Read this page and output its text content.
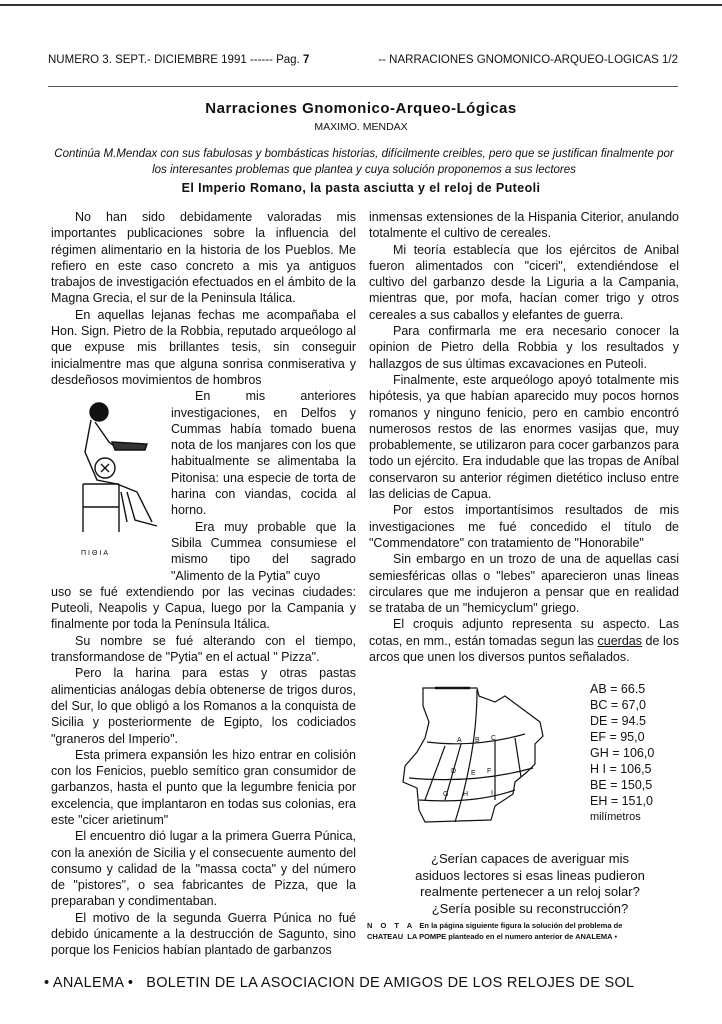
NUMERO 3. SEPT.- DICIEMBRE 1991 ------ Pag. 7	-- NARRACIONES GNOMONICO-ARQUEO-LOGICAS 1/2
Narraciones Gnomonico-Arqueo-Lógicas
MAXIMO. MENDAX
Continúa M.Mendax con sus fabulosas y bombásticas historias, difícilmente creibles, pero que se justifican finalmente por los interesantes problemas que plantea y cuya solución proponemos a sus lectores
El Imperio Romano, la pasta asciutta y el reloj de Puteoli

No han sido debidamente valoradas mis importantes publicaciones sobre la influencia del régimen alimentario en la historia de los Pueblos. Me refiero en este caso concreto a mis ya antiguos trabajos de investigación efectuados en el ámbito de la Magna Grecia, el sur de la Peninsula Itálica.

En aquellas lejanas fechas me acompañaba el Hon. Sign. Pietro de la Robbia, reputado arqueólogo al que expuse mis brillantes tesis, sin conseguir inicialmentre mas que alguna sonrisa conmiserativa y desdeñosos movimientos de hombros

ΠΙΘΙΑ

En mis anteriores investigaciones, en Delfos y Cummas había tomado buena nota de los manjares con los que habitualmente se alimentaba la Pitonisa: una especie de torta de harina con viandas, cocida al horno.

Era muy probable que la Sibila Cummea consumiese el mismo tipo del sagrado "Alimento de la Pytia" cuyo

uso se fué extendiendo por las vecinas ciudades: Puteoli, Neapolis y Capua, luego por la Campania y finalmente por toda la Península Itálica.

Su nombre se fué alterando con el tiempo, transformandose de "Pytia" en el actual " Pizza".

Pero la harina para estas y otras pastas alimenticias análogas debía obtenerse de trigos duros, del Sur, lo que obligó a los Romanos a la conquista de Sicilia y posteriormente de Egipto, los codiciados "graneros del Imperio".

Esta primera expansión les hizo entrar en colisión con los Fenicios, pueblo semítico gran consumidor de garbanzos, hasta el punto que la legumbre fenicia por excelencia, que implantaron en todas sus colonias, era este "cicer arietinum"

El encuentro dió lugar a la primera Guerra Púnica, con la anexión de Sicilia y el consecuente aumento del consumo y calidad de la "massa cocta" y del número de "pistores", o sea fabricantes de Pizza, que la preparaban y condimentaban.

El motivo de la segunda Guerra Púnica no fué debido únicamente a la destrucción de Sagunto, sino porque los Fenicios habían plantado de garbanzos

inmensas extensiones de la Hispania Citerior, anulando totalmente el cultivo de cereales.

Mi teoría establecía que los ejércitos de Anibal fueron alimentados con "ciceri", extendiéndose el cultivo del garbanzo desde la Liguria a la Campania, mientras que, por mofa, hacían comer trigo y otros cereales a sus caballos y elefantes de guerra.

Para confirmarla me era necesario conocer la opinion de Pietro della Robbia y los resultados y hallazgos de sus últimas excavaciones en Puteoli.

Finalmente, este arqueólogo apoyó totalmente mis hipótesis, ya que habían aparecido muy pocos hornos romanos y ninguno fenicio, pero en cambio encontró numerosos restos de las enormes vasijas que, muy probablemente, se utilizaron para cocer garbanzos para todo un ejército. Era indudable que las tropas de Aníbal conservaron su anterior régimen dietético incluso entre las delicias de Capua.

Por estos importantísimos resultados de mis investigaciones me fué concedido el título de "Commendatore" con tratamiento de "Honorabile"

Sin embargo en un trozo de una de aquellas casi semiesféricas ollas o "lebes" aparecieron unas lineas circulares que me indujeron a pensar que en realidad se trataba de un "hemicyclum" griego.

El croquis adjunto representa su aspecto. Las cotas, en mm., están tomadas segun las cuerdas de los arcos que unen los diversos puntos señalados.

A B C
D E F
G H	I
AB = 66.5
BC = 67,0
DE = 94.5
EF = 95,0
GH = 106,0
H I = 106,5
BE = 150,5
EH = 151,0
milímetros
¿Serían capaces de averiguar mis
asiduos lectores si esas lineas pudieron
realmente pertenecer a un reloj solar?
¿Sería posible su reconstrucción?
N O T A En la página siguiente figura la solución del problema de
CHATEAU LA POMPE planteado en el numero anterior de ANALEMA ▪
• ANALEMA • BOLETIN DE LA ASOCIACION DE AMIGOS DE LOS RELOJES DE SOL
